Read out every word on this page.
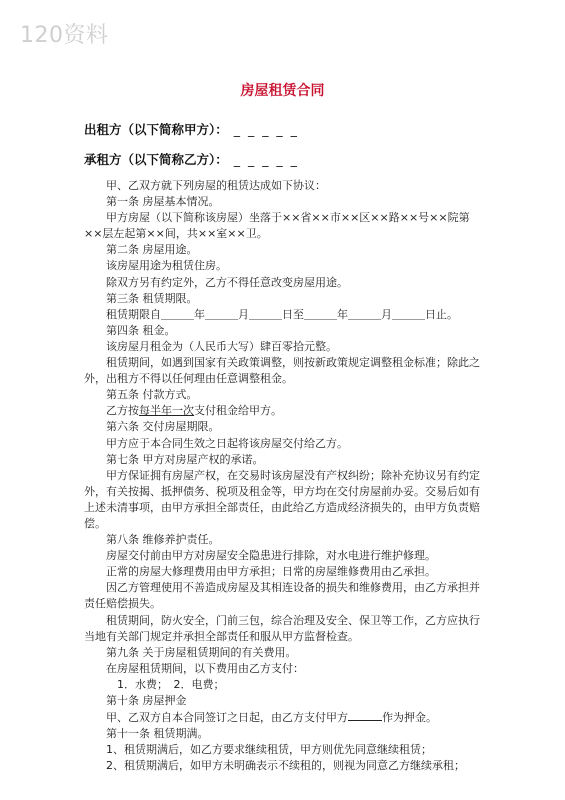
120资料
房屋租赁合同
出租方（以下简称甲方）： _ _ _ _ _
承租方（以下简称乙方）： _ _ _ _ _

甲、乙双方就下列房屋的租赁达成如下协议：

第一条 房屋基本情况。

甲方房屋（以下简称该房屋）坐落于××省××市××区××路××号××院第××层左起第××间，共××室××卫。

第二条 房屋用途。

该房屋用途为租赁住房。

除双方另有约定外，乙方不得任意改变房屋用途。

第三条 租赁期限。

租赁期限自＿＿＿年＿＿＿月＿＿＿日至＿＿＿年＿＿＿月＿＿＿日止。

第四条 租金。

该房屋月租金为（人民币大写）肆百零拾元整。

租赁期间，如遇到国家有关政策调整，则按新政策规定调整租金标准；除此之外，出租方不得以任何理由任意调整租金。

第五条 付款方式。

乙方按每半年一次支付租金给甲方。

第六条 交付房屋期限。

甲方应于本合同生效之日起将该房屋交付给乙方。

第七条 甲方对房屋产权的承诺。

甲方保证拥有房屋产权，在交易时该房屋没有产权纠纷；除补充协议另有约定外，有关按揭、抵押债务、税项及租金等，甲方均在交付房屋前办妥。交易后如有上述未清事项，由甲方承担全部责任，由此给乙方造成经济损失的，由甲方负责赔偿。

第八条 维修养护责任。

房屋交付前由甲方对房屋安全隐患进行排除，对水电进行维护修理。

正常的房屋大修理费用由甲方承担；日常的房屋维修费用由乙承担。

因乙方管理使用不善造成房屋及其相连设备的损失和维修费用，由乙方承担并责任赔偿损失。

租赁期间，防火安全，门前三包，综合治理及安全、保卫等工作，乙方应执行当地有关部门规定并承担全部责任和服从甲方监督检查。

第九条 关于房屋租赁期间的有关费用。

在房屋租赁期间，以下费用由乙方支付：

1．水费；　2．电费；

第十条 房屋押金

甲、乙双方自本合同签订之日起，由乙方支付甲方	作为押金。

第十一条 租赁期满。

1、租赁期满后，如乙方要求继续租赁，甲方则优先同意继续租赁；

2、租赁期满后，如甲方未明确表示不续租的，则视为同意乙方继续承租；
